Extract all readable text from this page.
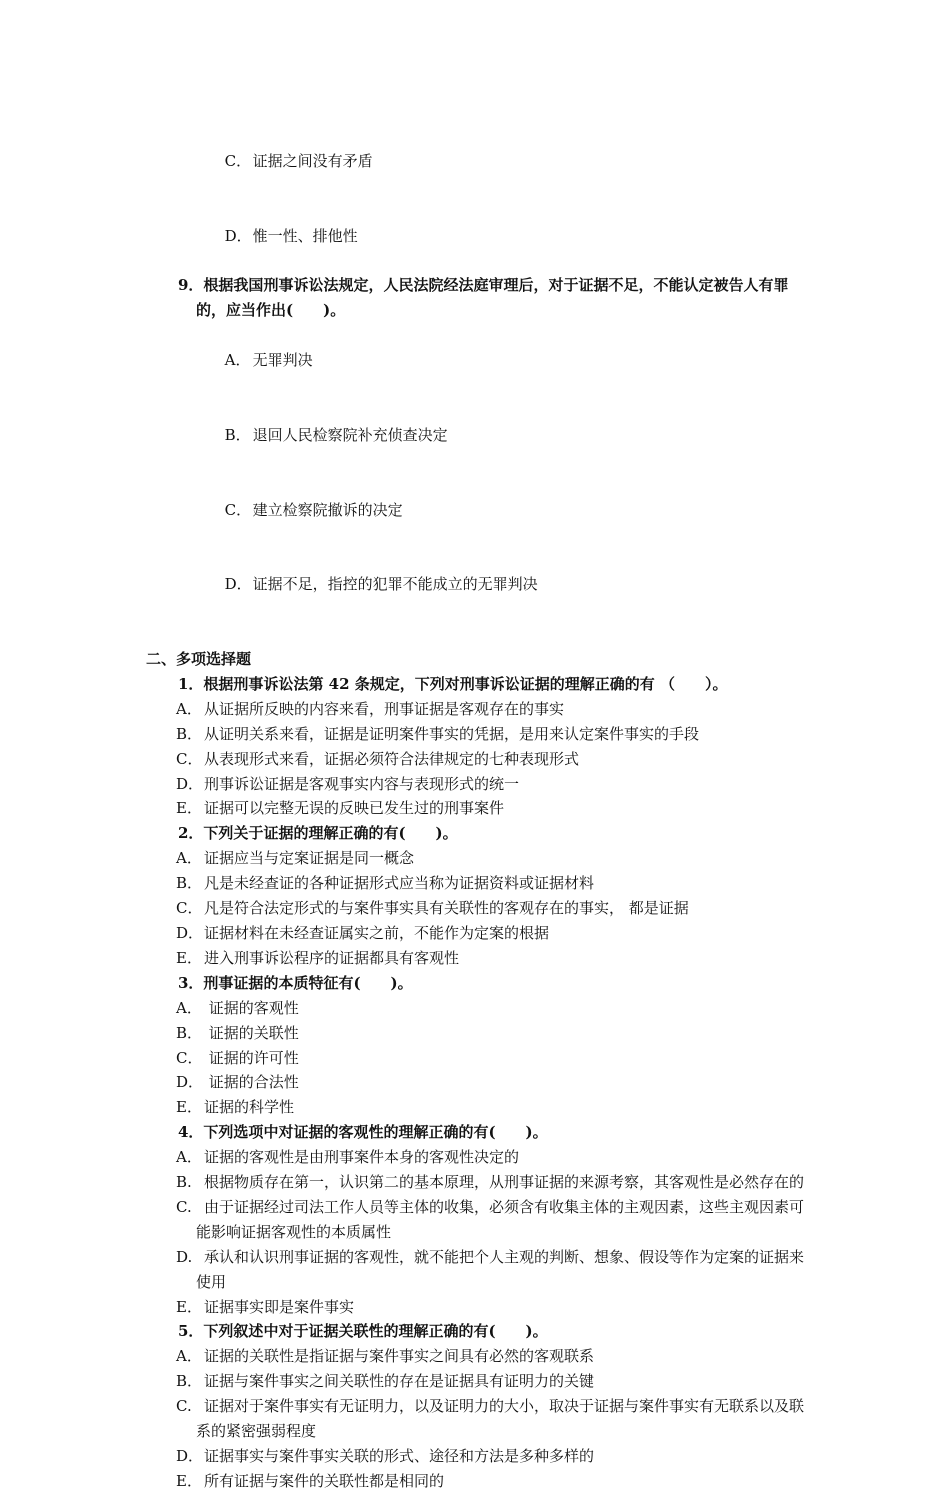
C． 证据之间没有矛盾

D．惟一性、排他性

9．根据我国刑事诉讼法规定，人民法院经法庭审理后，对于证据不足，不能认定被告人有罪的，应当作出(　　)。

A． 无罪判决

B． 退回人民检察院补充侦查决定

C． 建立检察院撤诉的决定

D．证据不足，指控的犯罪不能成立的无罪判决

二、多项选择题
1．根据刑事诉讼法第 42 条规定，下列对刑事诉讼证据的理解正确的有 （　　）。
A． 从证据所反映的内容来看，刑事证据是客观存在的事实
B． 从证明关系来看，证据是证明案件事实的凭据，是用来认定案件事实的手段
C． 从表现形式来看，证据必须符合法律规定的七种表现形式
D．刑事诉讼证据是客观事实内容与表现形式的统一
E． 证据可以完整无误的反映已发生过的刑事案件
2．下列关于证据的理解正确的有(　　)。
A． 证据应当与定案证据是同一概念
B． 凡是未经查证的各种证据形式应当称为证据资料或证据材料
C． 凡是符合法定形式的与案件事实具有关联性的客观存在的事实， 都是证据
D．证据材料在未经查证属实之前，不能作为定案的根据
E． 进入刑事诉讼程序的证据都具有客观性
3．刑事证据的本质特征有(　　)。
A． 证据的客观性
B． 证据的关联性
C． 证据的许可性
D． 证据的合法性
E． 证据的科学性
4．下列选项中对证据的客观性的理解正确的有(　　)。
A． 证据的客观性是由刑事案件本身的客观性决定的
B. 根据物质存在第一，认识第二的基本原理，从刑事证据的来源考察，其客观性是必然存在的
C. 由于证据经过司法工作人员等主体的收集，必须含有收集主体的主观因素，这些主观因素可能影响证据客观性的本质属性
D. 承认和认识刑事证据的客观性，就不能把个人主观的判断、想象、假设等作为定案的证据来使用
E． 证据事实即是案件事实
5．下列叙述中对于证据关联性的理解正确的有(　　)。
A． 证据的关联性是指证据与案件事实之间具有必然的客观联系
B． 证据与案件事实之间关联性的存在是证据具有证明力的关键
C. 证据对于案件事实有无证明力，以及证明力的大小，取决于证据与案件事实有无联系以及联系的紧密强弱程度
D．证据事实与案件事实关联的形式、途径和方法是多种多样的
E． 所有证据与案件的关联性都是相同的
